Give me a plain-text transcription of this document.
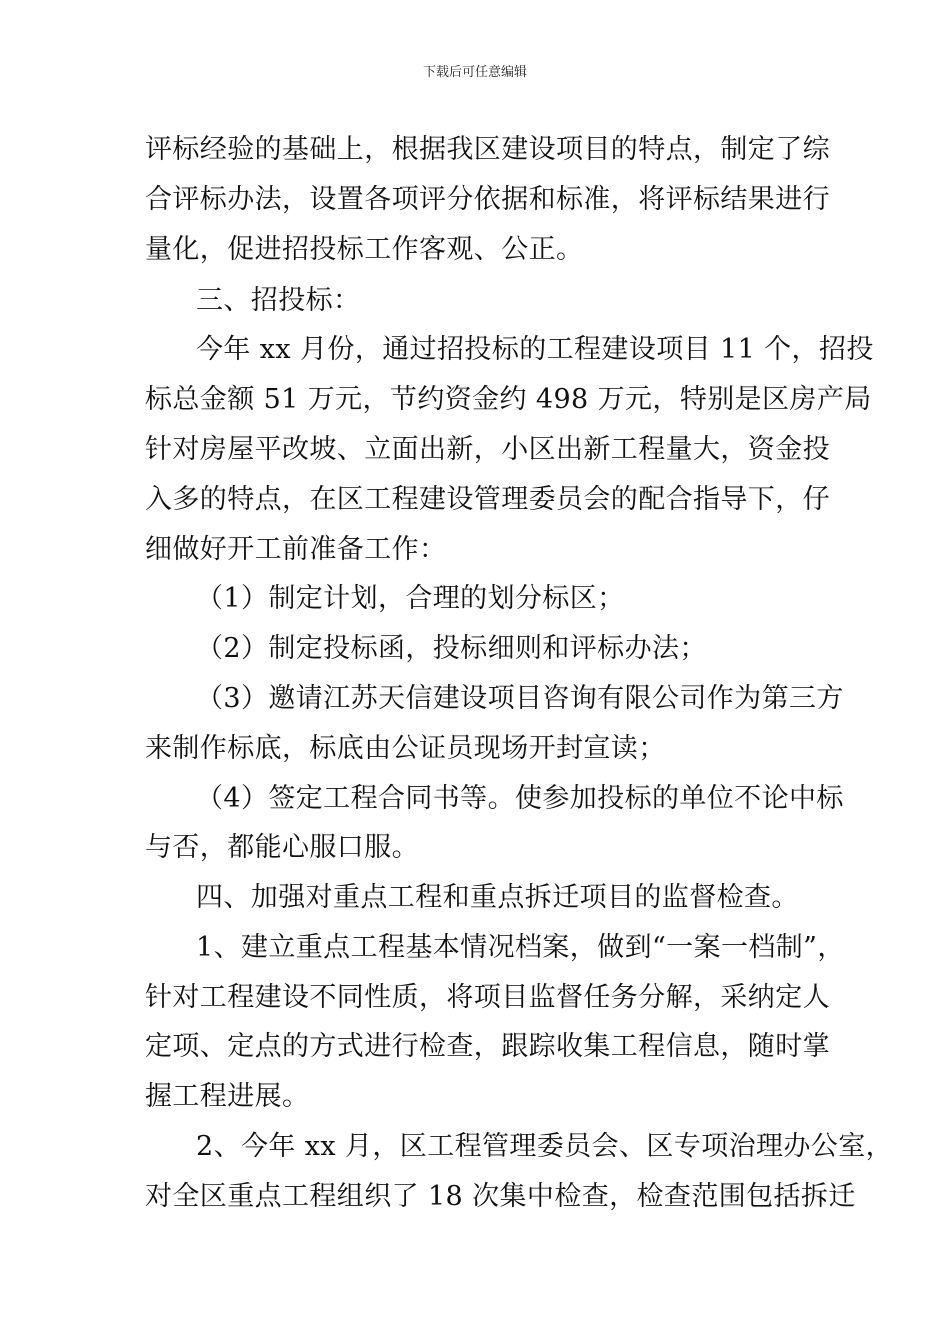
下载后可任意编辑
评标经验的基础上，根据我区建设项目的特点，制定了综
合评标办法，设置各项评分依据和标准，将评标结果进行
量化，促进招投标工作客观、公正。
三、招投标：
今年 xx 月份，通过招投标的工程建设项目 11 个，招投
标总金额 51 万元，节约资金约 498 万元，特别是区房产局
针对房屋平改坡、立面出新，小区出新工程量大，资金投
入多的特点，在区工程建设管理委员会的配合指导下，仔
细做好开工前准备工作：
（1）制定计划，合理的划分标区；
（2）制定投标函，投标细则和评标办法；
（3）邀请江苏天信建设项目咨询有限公司作为第三方
来制作标底，标底由公证员现场开封宣读；
（4）签定工程合同书等。使参加投标的单位不论中标
与否，都能心服口服。
四、加强对重点工程和重点拆迁项目的监督检查。
1、建立重点工程基本情况档案，做到“一案一档制”，
针对工程建设不同性质，将项目监督任务分解，采纳定人
定项、定点的方式进行检查，跟踪收集工程信息，随时掌
握工程进展。
2、今年 xx 月，区工程管理委员会、区专项治理办公室，
对全区重点工程组织了 18 次集中检查，检查范围包括拆迁
